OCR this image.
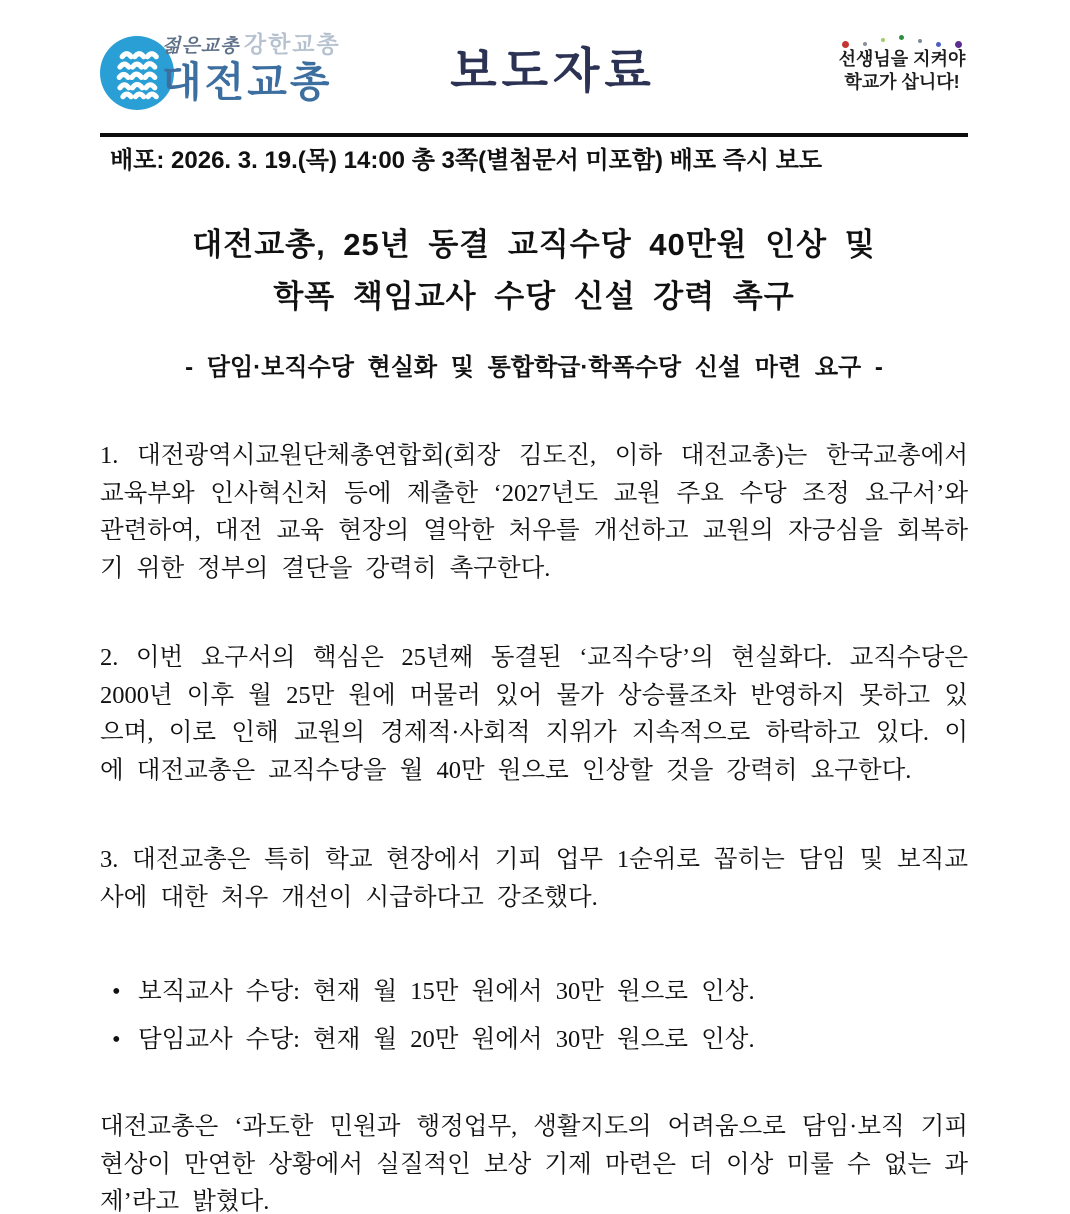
젊은교총 강한교총
대전교총 보도자료	선생님을 지켜야
학교가 삽니다!
배포: 2026. 3. 19.(목) 14:00 총 3쪽(별첨문서 미포함) 배포 즉시 보도
대전교총, 25년 동결 교직수당 40만원 인상 및
학폭 책임교사 수당 신설 강력 촉구
- 담임·보직수당 현실화 및 통합학급·학폭수당 신설 마련 요구 -

1. 대전광역시교원단체총연합회(회장 김도진, 이하 대전교총)는 한국교총에서 교육부와 인사혁신처 등에 제출한 ‘2027년도 교원 주요 수당 조정 요구서’와 관련하여, 대전 교육 현장의 열악한 처우를 개선하고 교원의 자긍심을 회복하기 위한 정부의 결단을 강력히 촉구한다.

2. 이번 요구서의 핵심은 25년째 동결된 ‘교직수당’의 현실화다. 교직수당은 2000년 이후 월 25만 원에 머물러 있어 물가 상승률조차 반영하지 못하고 있으며, 이로 인해 교원의 경제적·사회적 지위가 지속적으로 하락하고 있다. 이에 대전교총은 교직수당을 월 40만 원으로 인상할 것을 강력히 요구한다.

3. 대전교총은 특히 학교 현장에서 기피 업무 1순위로 꼽히는 담임 및 보직교사에 대한 처우 개선이 시급하다고 강조했다.

• 보직교사 수당: 현재 월 15만 원에서 30만 원으로 인상.
• 담임교사 수당: 현재 월 20만 원에서 30만 원으로 인상.

대전교총은 ‘과도한 민원과 행정업무, 생활지도의 어려움으로 담임·보직 기피 현상이 만연한 상황에서 실질적인 보상 기제 마련은 더 이상 미룰 수 없는 과제’라고 밝혔다.
